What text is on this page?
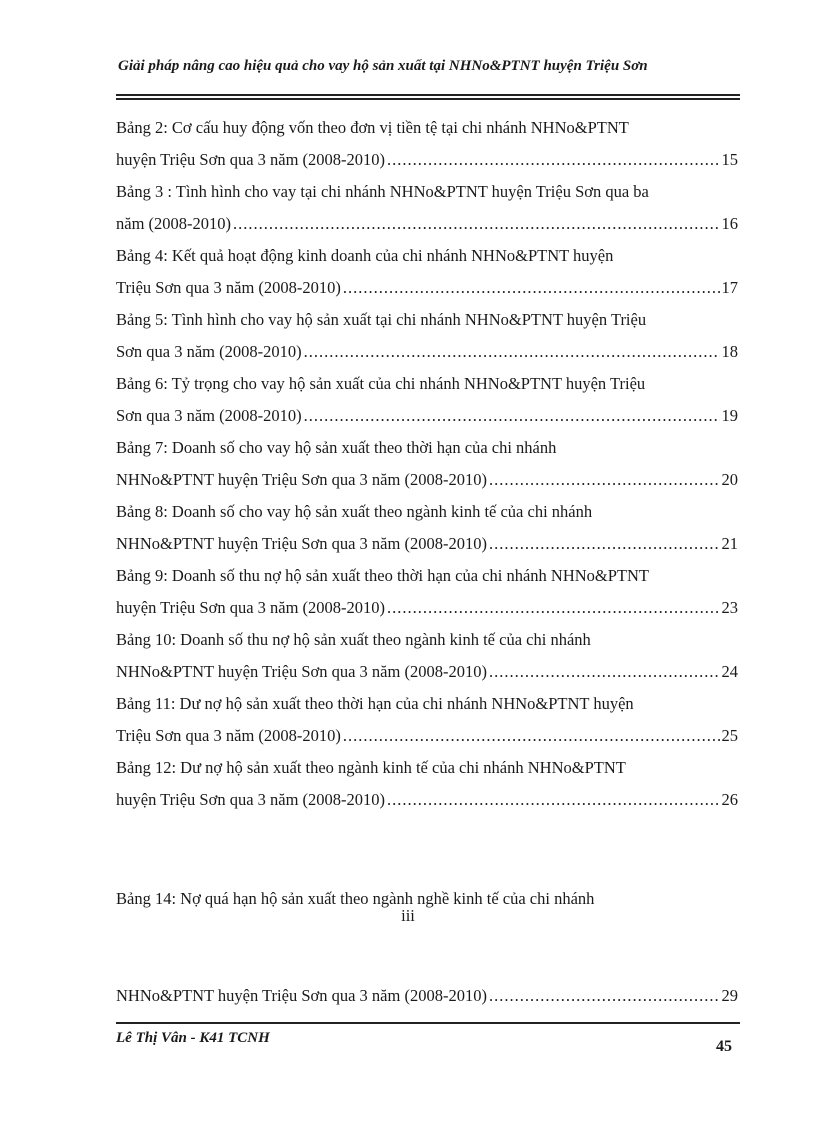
Giải pháp nâng cao hiệu quả cho vay hộ sản xuất tại NHNo&PTNT huyện Triệu Sơn
Bảng 2: Cơ cấu huy động vốn theo đơn vị tiền tệ tại chi nhánh NHNo&PTNT
huyện Triệu Sơn qua 3 năm (2008-2010) .....	15
Bảng 3 : Tình hình cho vay tại chi nhánh NHNo&PTNT huyện Triệu Sơn qua ba
năm (2008-2010) .....	16
Bảng 4: Kết quả hoạt động kinh doanh của chi nhánh NHNo&PTNT huyện
Triệu Sơn qua 3 năm (2008-2010) .....	17
Bảng 5: Tình hình cho vay hộ sản xuất tại chi nhánh NHNo&PTNT huyện Triệu
Sơn qua 3 năm (2008-2010) .....	18
Bảng 6: Tỷ trọng cho vay hộ sản xuất của chi nhánh NHNo&PTNT huyện Triệu
Sơn qua 3 năm (2008-2010) .....	19
Bảng 7: Doanh số cho vay hộ sản xuất theo thời hạn của chi nhánh
NHNo&PTNT huyện Triệu Sơn qua 3 năm (2008-2010) .....	20
Bảng 8: Doanh số cho vay hộ sản xuất theo ngành kinh tế của chi nhánh
NHNo&PTNT huyện Triệu Sơn qua 3 năm (2008-2010) .....	21
Bảng 9: Doanh số thu nợ hộ sản xuất theo thời hạn của chi nhánh NHNo&PTNT
huyện Triệu Sơn qua 3 năm (2008-2010) .....	23
Bảng 10: Doanh số thu nợ hộ sản xuất theo ngành kinh tế của chi nhánh
NHNo&PTNT huyện Triệu Sơn qua 3 năm (2008-2010) .....	24
Bảng 11: Dư nợ hộ sản xuất theo thời hạn của chi nhánh NHNo&PTNT huyện
Triệu Sơn qua 3 năm (2008-2010) .....	25
Bảng 12: Dư nợ hộ sản xuất theo ngành kinh tế của chi nhánh NHNo&PTNT
huyện Triệu Sơn qua 3 năm (2008-2010) .....	26
Bảng 14: Nợ quá hạn hộ sản xuất theo ngành nghề kinh tế của chi nhánh
iii
NHNo&PTNT huyện Triệu Sơn qua 3 năm (2008-2010) .....	29
Lê Thị Vân - K41 TCNH	45
